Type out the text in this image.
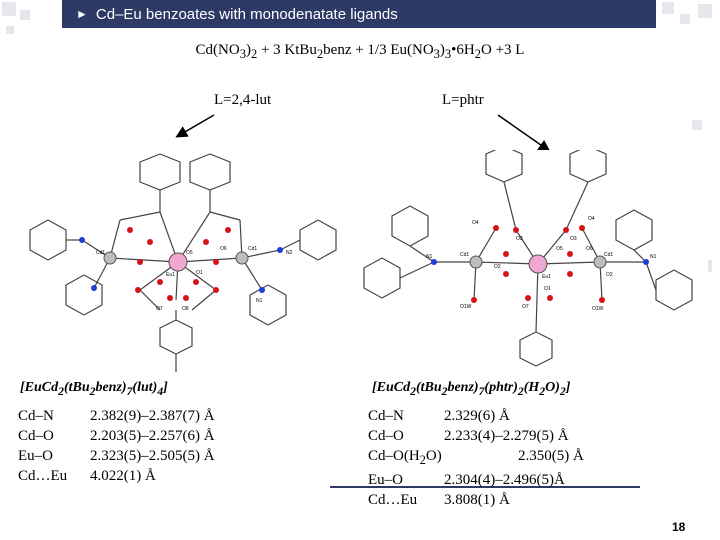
► Cd–Eu benzoates with monodenatate ligands
$Cd(NO_3)_2 + 3$ KtBu$_2$benz + 1/3 $Eu(NO_3)_3•6H_2O +3$ L
L=2,4-lut	L=phtr
Cd1
Eu1
N2
N1
O6
O5
O1
O7	O8
Cd1
O4
O3
O4
O3
O2
Cd1
N1
Eu1
O5	O6
Cd1	N1
O2
O1W	O7
O1
O1W
$[EuCd_2(tBu_2benz)_7(lut)_4]$
Cd–N 2.382(9)–2.387(7) Å
Cd–O 2.203(5)–2.257(6) Å
Eu–O 2.323(5)–2.505(5) Å
Cd…Eu 4.022(1) Å
$[EuCd_2(tBu_2benz)_7(phtr)_2(H_2O)_2]$
Cd–N	2.329(6) Å
Cd–O	2.233(4)–2.279(5) Å
$Cd-O(H_2O)$	2.350(5) Å
Eu–O	2.304(4)–2.496(5)Å
Cd…Eu 3.808(1) Å
18
